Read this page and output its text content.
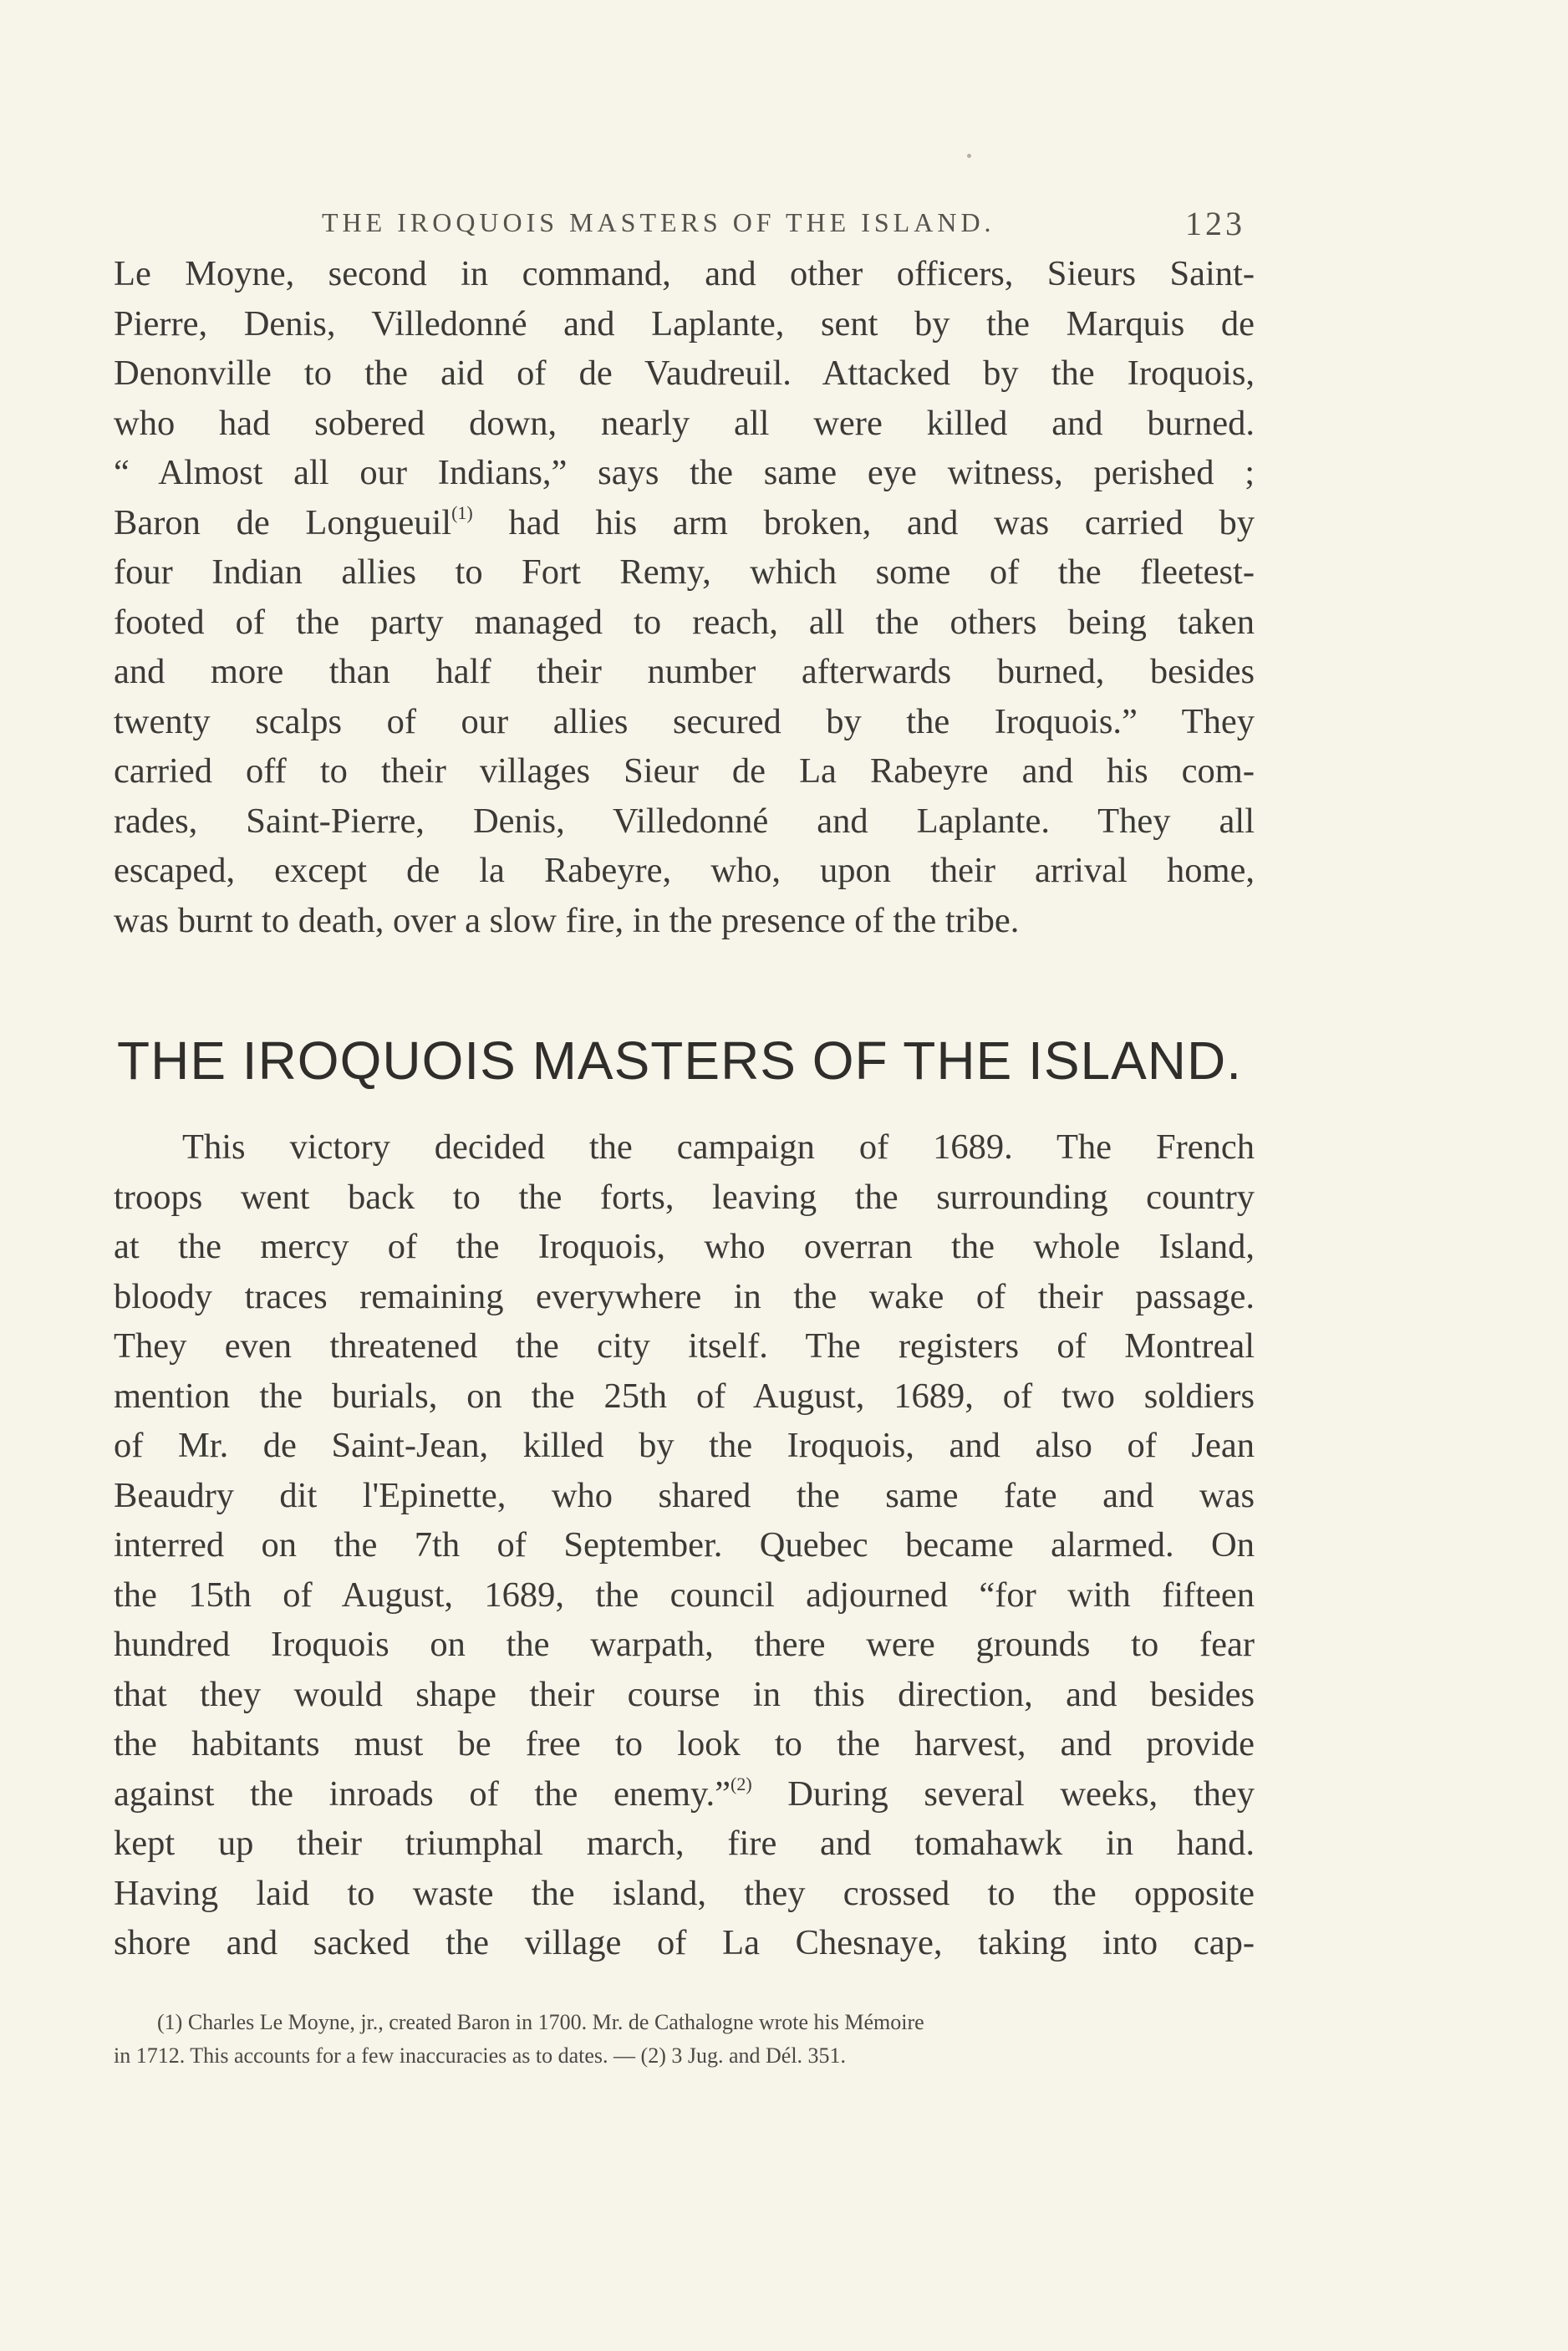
THE IROQUOIS MASTERS OF THE ISLAND.	123
Le Moyne, second in command, and other officers, Sieurs Saint-
Pierre, Denis, Villedonné and Laplante, sent by the Marquis de
Denonville to the aid of de Vaudreuil. Attacked by the Iroquois,
who had sobered down, nearly all were killed and burned.
“ Almost all our Indians,” says the same eye witness, perished ;
Baron de Longueuil$^{(1)}$ had his arm broken, and was carried by
four Indian allies to Fort Remy, which some of the fleetest-
footed of the party managed to reach, all the others being taken
and more than half their number afterwards burned, besides
twenty scalps of our allies secured by the Iroquois.” They
carried off to their villages Sieur de La Rabeyre and his com-
rades, Saint-Pierre, Denis, Villedonné and Laplante. They all
escaped, except de la Rabeyre, who, upon their arrival home,
was burnt to death, over a slow fire, in the presence of the tribe.
THE IROQUOIS MASTERS OF THE ISLAND.
This victory decided the campaign of 1689. The French
troops went back to the forts, leaving the surrounding country
at the mercy of the Iroquois, who overran the whole Island,
bloody traces remaining everywhere in the wake of their passage.
They even threatened the city itself. The registers of Montreal
mention the burials, on the 25th of August, 1689, of two soldiers
of Mr. de Saint-Jean, killed by the Iroquois, and also of Jean
Beaudry dit l'Epinette, who shared the same fate and was
interred on the 7th of September. Quebec became alarmed. On
the 15th of August, 1689, the council adjourned “for with fifteen
hundred Iroquois on the warpath, there were grounds to fear
that they would shape their course in this direction, and besides
the habitants must be free to look to the harvest, and provide
against the inroads of the enemy.”$^{(2)}$ During several weeks, they
kept up their triumphal march, fire and tomahawk in hand.
Having laid to waste the island, they crossed to the opposite
shore and sacked the village of La Chesnaye, taking into cap-
(1) Charles Le Moyne, jr., created Baron in 1700. Mr. de Cathalogne wrote his Mémoire
in 1712. This accounts for a few inaccuracies as to dates. — (2) 3 Jug. and Dél. 351.
